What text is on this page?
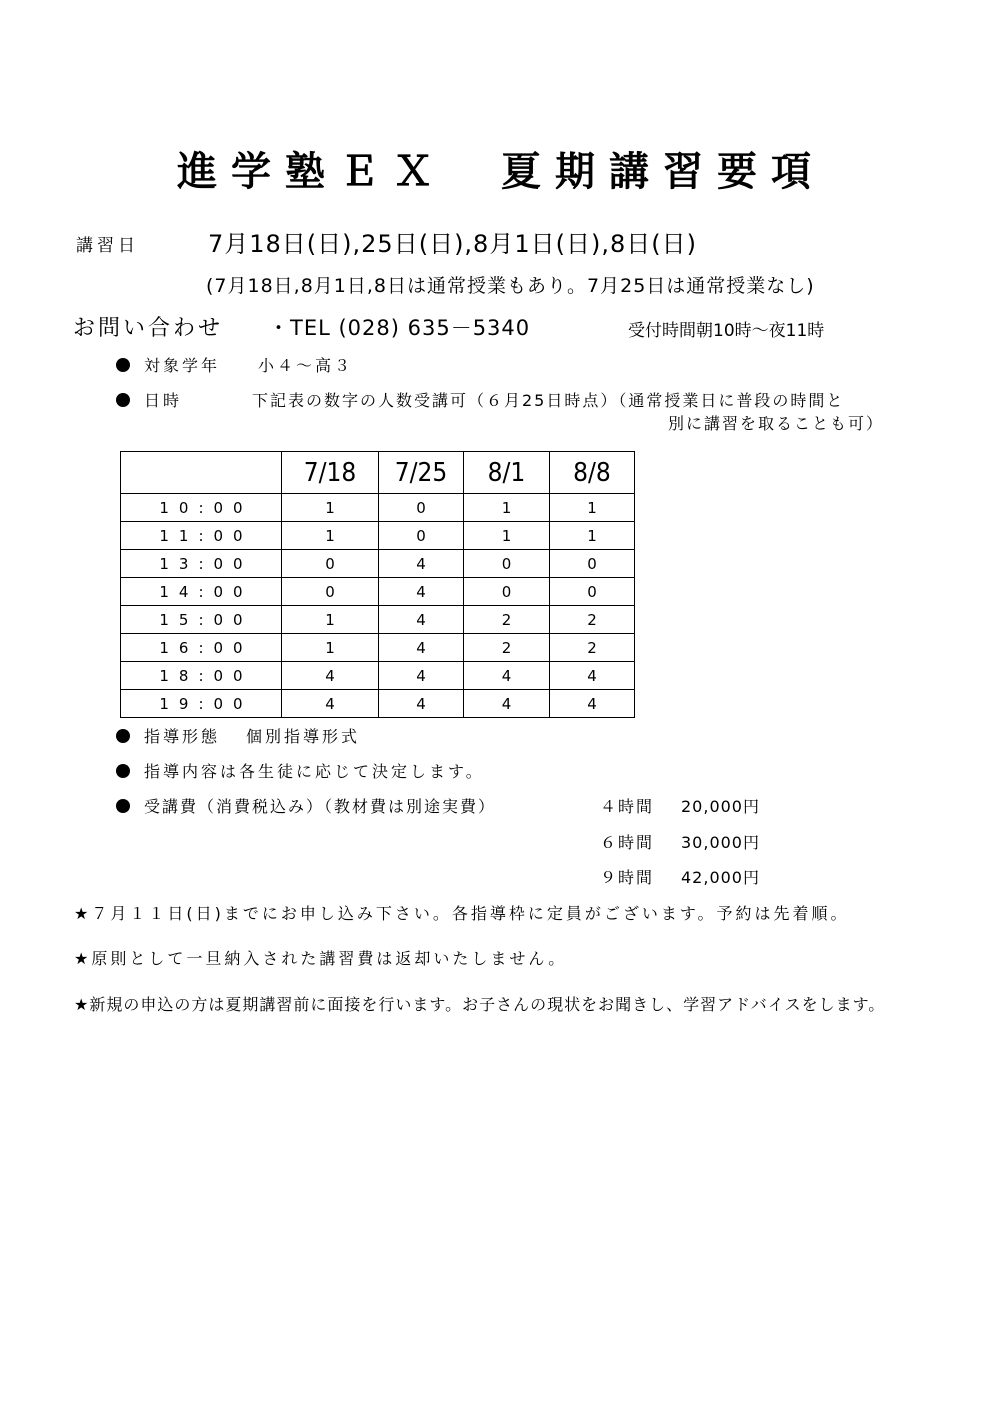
進学塾ＥＸ　夏期講習要項
講習日	7月18日(日),25日(日),8月1日(日),8日(日)
(7月18日,8月1日,8日は通常授業もあり。7月25日は通常授業なし)
お問い合わせ ・TEL (028) 635－5340	受付時間朝10時～夜11時
対象学年 小４～高３
日時	下記表の数字の人数受講可（６月25日時点）（通常授業日に普段の時間と
別に講習を取ることも可）
	7/18	7/25	8/1	8/8
10:00	1	0	1	1
11:00	1	0	1	1
13:00	0	4	0	0
14:00	0	4	0	0
15:00	1	4	2	2
16:00	1	4	2	2
18:00	4	4	4	4
19:00	4	4	4	4
指導形態 個別指導形式
指導内容は各生徒に応じて決定します。
受講費（消費税込み）（教材費は別途実費）	４時間 20,000円
６時間 30,000円
９時間 42,000円
★７月１１日(日)までにお申し込み下さい。各指導枠に定員がございます。予約は先着順。
★原則として一旦納入された講習費は返却いたしません。
★新規の申込の方は夏期講習前に面接を行います。お子さんの現状をお聞きし、学習アドバイスをします。
